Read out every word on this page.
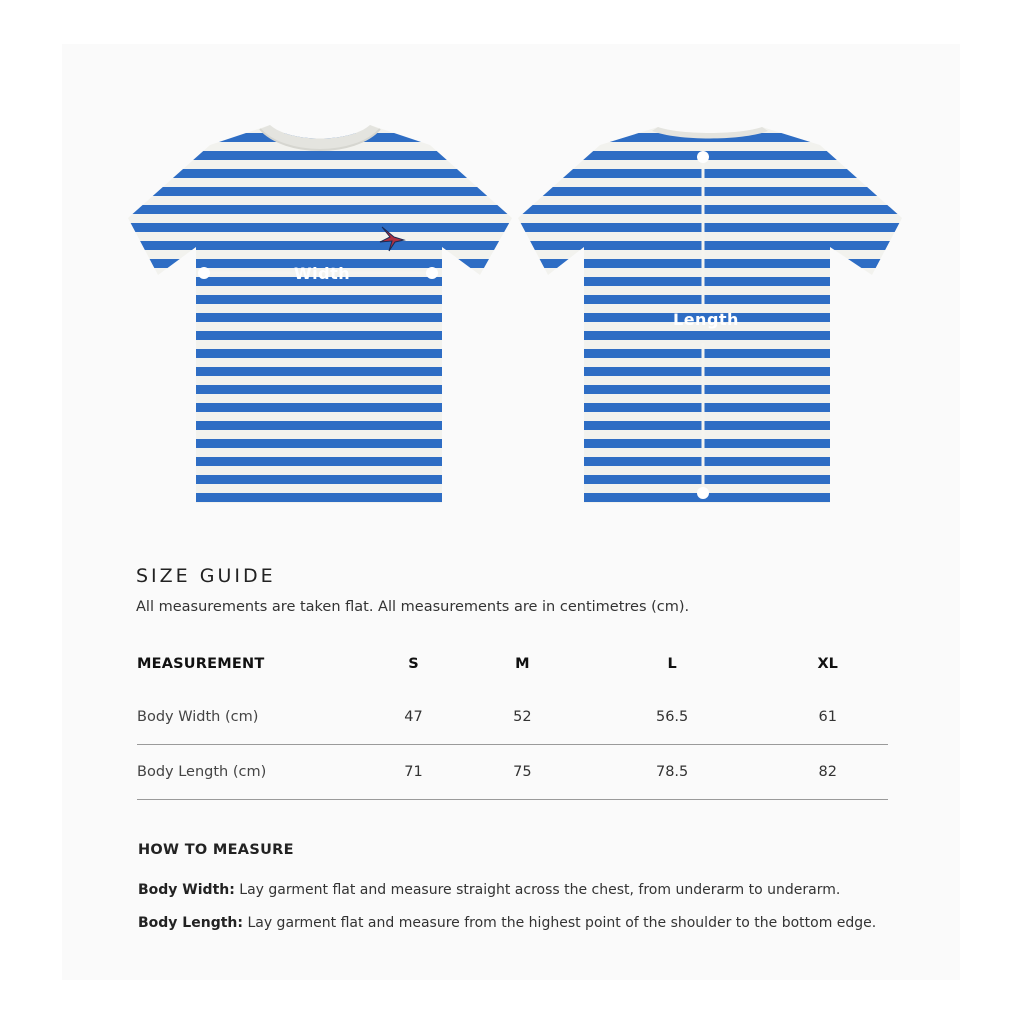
Width
Length
SIZE GUIDE
All measurements are taken flat. All measurements are in centimetres (cm).
MEASUREMENT	S	M	L	XL
Body Width (cm)	47	52	56.5	61
Body Length (cm)	71	75	78.5	82
HOW TO MEASURE
Body Width: Lay garment flat and measure straight across the chest, from underarm to underarm.
Body Length: Lay garment flat and measure from the highest point of the shoulder to the bottom edge.
